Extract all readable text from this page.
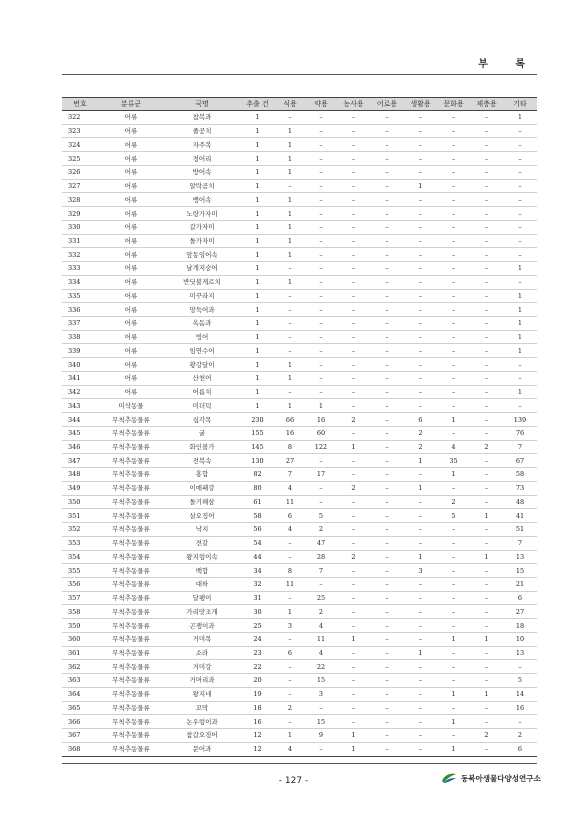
부 록
번호	분류군	국명	추출 건	식용	약용	농사용	어로용	생활용	문화용	제충용	기타
322	어류	참복과	1	–	–	–	–	–	–	–	1
323	어류	줄공치	1	1	–	–	–	–	–	–	–
324	어류	자주복	1	1	–	–	–	–	–	–	–
325	어류	정어리	1	1	–	–	–	–	–	–	–
326	어류	방어속	1	1	–	–	–	–	–	–	–
327	어류	알락곰치	1	–	–	–	–	1	–	–	–
328	어류	뱅어속	1	1	–	–	–	–	–	–	–
329	어류	노랑가자미	1	1	–	–	–	–	–	–	–
330	어류	갈가자미	1	1	–	–	–	–	–	–	–
331	어류	돌가자미	1	1	–	–	–	–	–	–	–
332	어류	앞동잉어속	1	1	–	–	–	–	–	–	–
333	어류	날개지숭어	1	–	–	–	–	–	–	–	1
334	어류	반딧불게르치	1	1	–	–	–	–	–	–	–
335	어류	미꾸라지	1	–	–	–	–	–	–	–	1
336	어류	망둑어과	1	–	–	–	–	–	–	–	1
337	어류	옥돔과	1	–	–	–	–	–	–	–	1
338	어류	빙어	1	–	–	–	–	–	–	–	1
339	어류	임연수어	1	–	–	–	–	–	–	–	1
340	어류	황강달이	1	1	–	–	–	–	–	–	–
341	어류	산천어	1	1	–	–	–	–	–	–	–
342	어류	어름치	1	–	–	–	–	–	–	–	1
343	미삭동물	미더덕	1	1	1	–	–	–	–	–	–
344	무척추동물류	십각목	230	66	16	2	–	6	1	–	139
345	무척추동물류	굴	155	16	60	–	–	2	–	–	76
346	무척추동물류	화인볼가	145	8	122	1	–	2	4	2	7
347	무척추동물류	전복속	130	27	–	–	–	1	35	–	67
348	무척추동물류	홍합	82	7	17	–	–	–	1	–	58
349	무척추동물류	이매패강	80	4	–	2	–	1	–	–	73
350	무척추동물류	돌기해삼	61	11	–	–	–	–	2	–	48
351	무척추동물류	살오징어	58	6	5	–	–	–	5	1	41
352	무척추동물류	낙지	56	4	2	–	–	–	–	–	51
353	무척추동물류	전갈	54	–	47	–	–	–	–	–	7
354	무척추동물류	왕지렁이속	44	–	28	2	–	1	–	1	13
355	무척추동물류	백합	34	8	7	–	–	3	–	–	15
356	무척추동물류	대하	32	11	–	–	–	–	–	–	21
357	무척추동물류	달팽이	31	–	25	–	–	–	–	–	6
358	무척추동물류	가리맛조개	30	1	2	–	–	–	–	–	27
359	무척추동물류	곤쟁이과	25	3	4	–	–	–	–	–	18
360	무척추동물류	거미목	24	–	11	1	–	–	1	1	10
361	무척추동물류	소라	23	6	4	–	–	1	–	–	13
362	무척추동물류	거미강	22	–	22	–	–	–	–	–	–
363	무척추동물류	거머리과	20	–	15	–	–	–	–	–	5
364	무척추동물류	왕지네	19	–	3	–	–	–	1	1	14
365	무척추동물류	꼬막	18	2	–	–	–	–	–	–	16
366	무척추동물류	논우렁이과	16	–	15	–	–	–	1	–	–
367	무척추동물류	참갑오징어	12	1	9	1	–	–	–	2	2
368	무척추동물류	문어과	12	4	–	1	–	–	1	–	6
- 127 -	동북아생물다양성연구소
